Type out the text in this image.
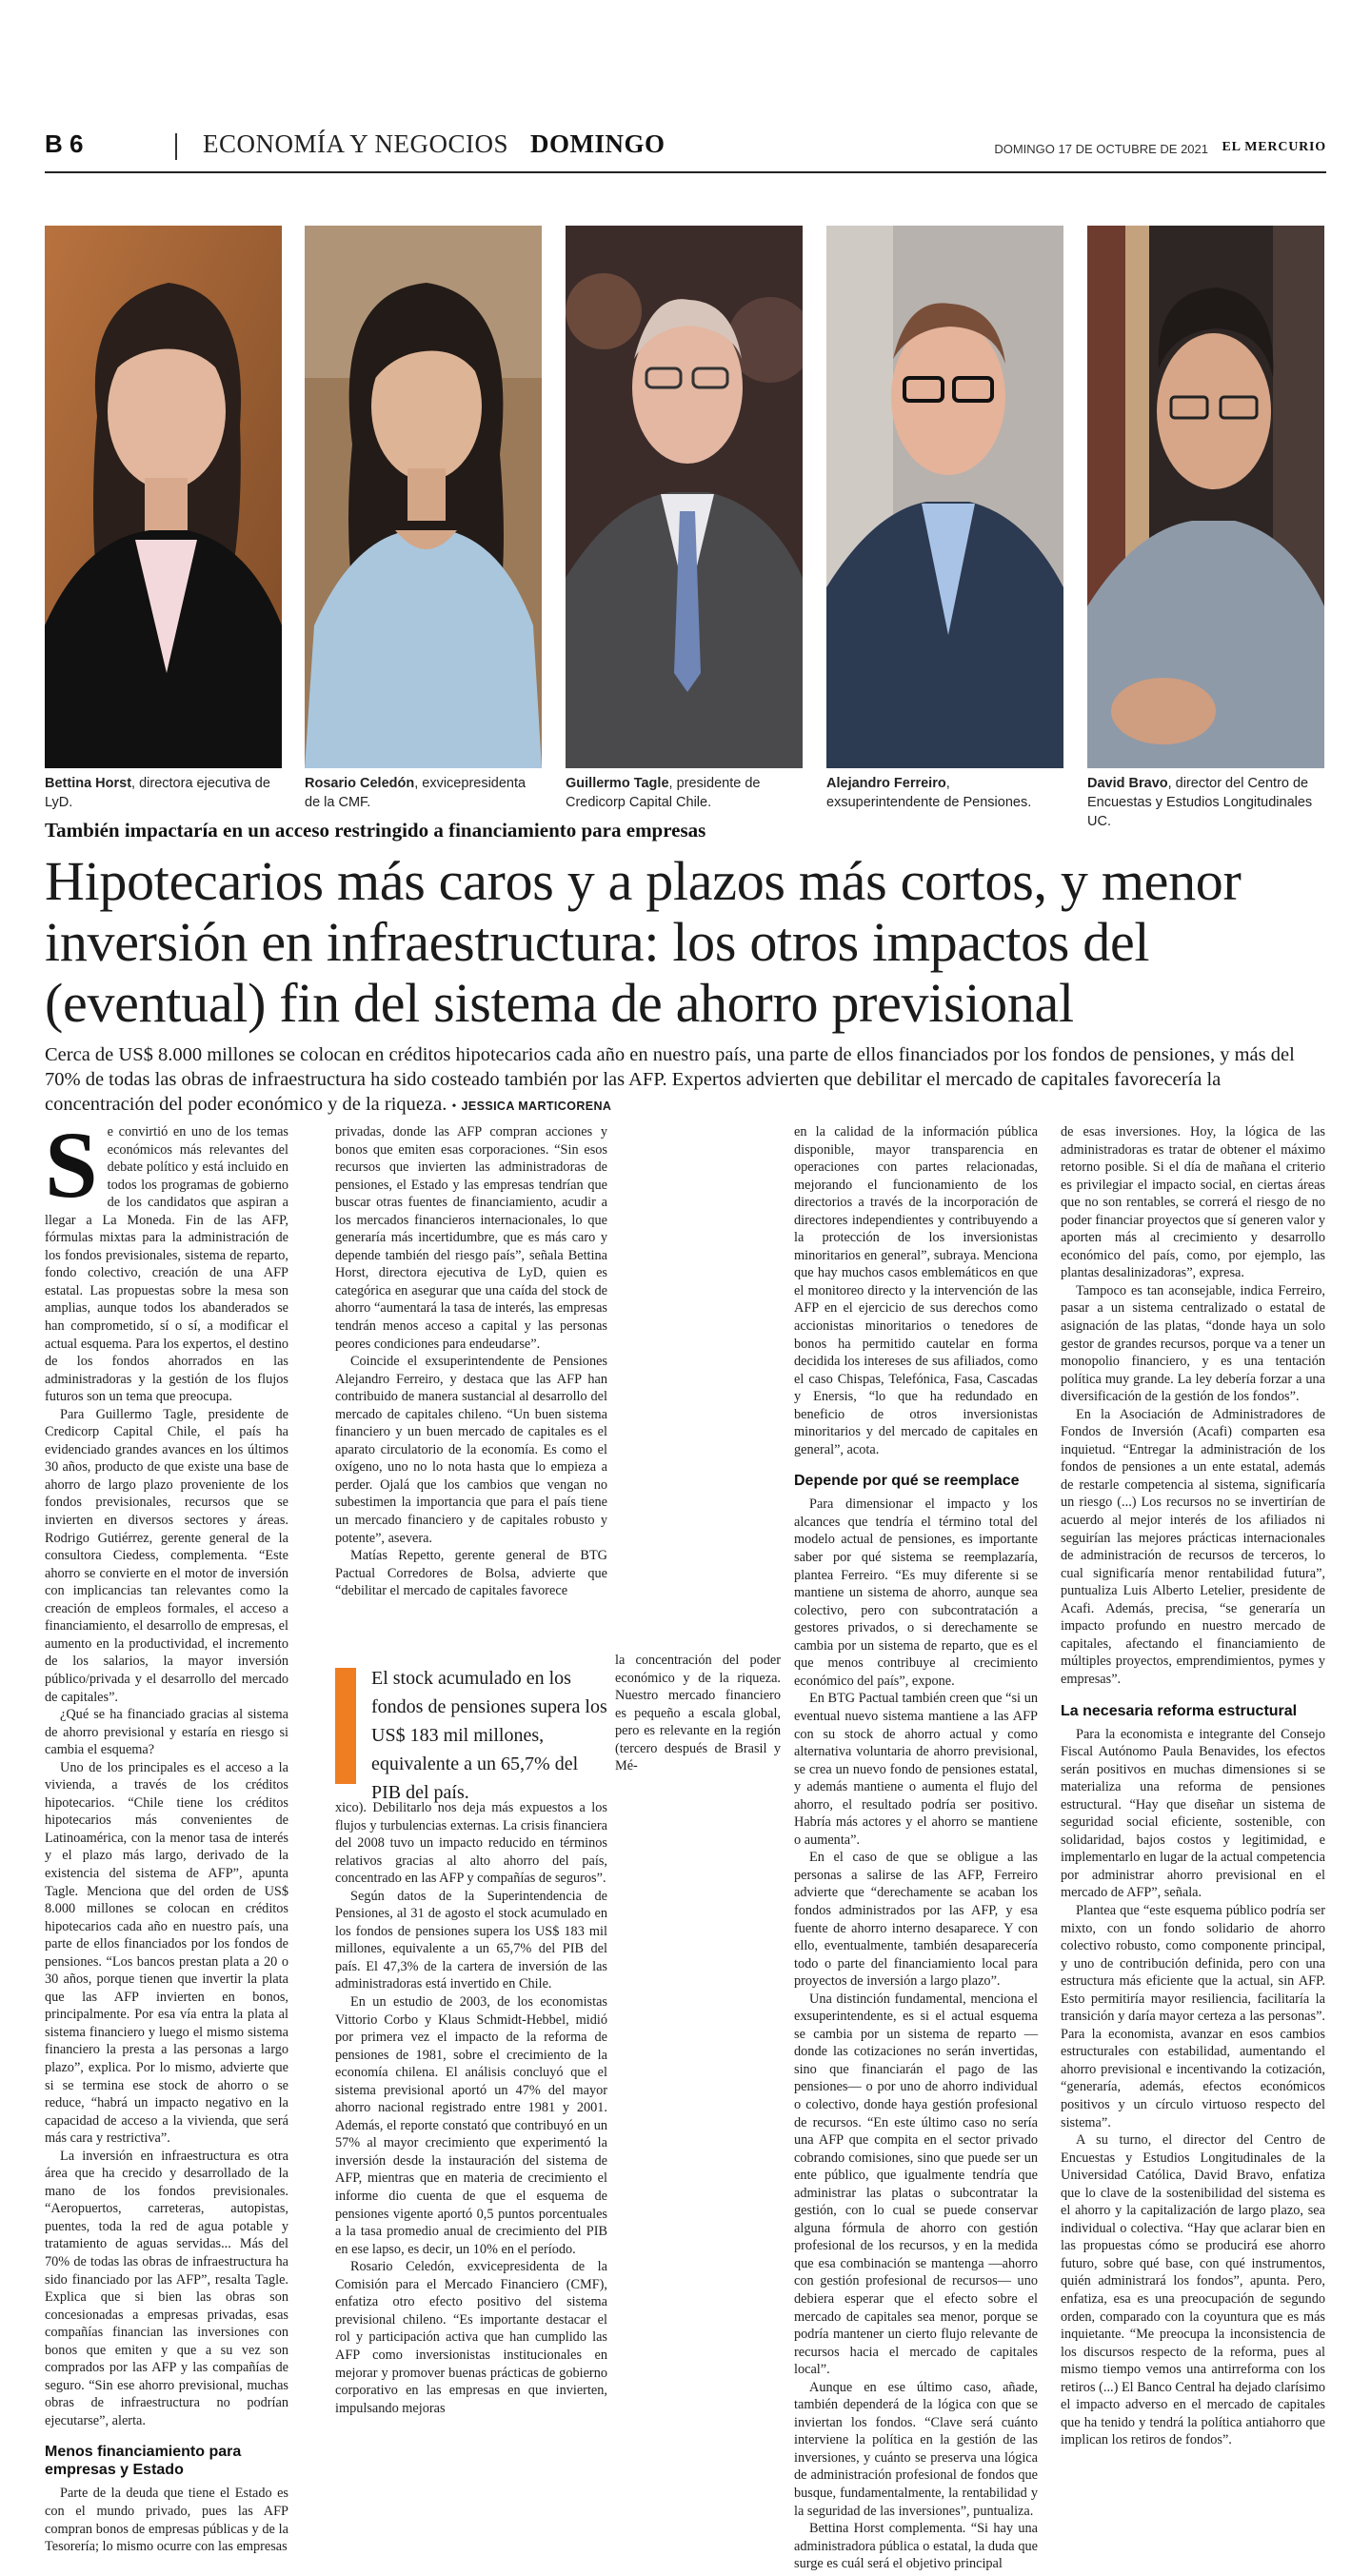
B 6	ECONOMÍA Y NEGOCIOS DOMINGO	DOMINGO 17 DE OCTUBRE DE 2021 EL MERCURIO
CLAUDIO CORTÉS
Bettina Horst, directora ejecutiva de LyD.
Rosario Celedón, exvicepresidenta de la CMF.
Guillermo Tagle, presidente de Credicorp Capital Chile.
Alejandro Ferreiro, exsuperintendente de Pensiones.
David Bravo, director del Centro de Encuestas y Estudios Longitudinales UC.
También impactaría en un acceso restringido a financiamiento para empresas
Hipotecarios más caros y a plazos más cortos, y menor inversión en infraestructura: los otros impactos del (eventual) fin del sistema de ahorro previsional

Cerca de US$ 8.000 millones se colocan en créditos hipotecarios cada año en nuestro país, una parte de ellos financiados por los fondos de pensiones, y más del 70% de todas las obras de infraestructura ha sido costeado también por las AFP. Expertos advierten que debilitar el mercado de capitales favorecería la concentración del poder económico y de la riqueza. • JESSICA MARTICORENA

Se convirtió en uno de los temas económicos más relevantes del debate político y está incluido en todos los programas de gobierno de los candidatos que aspiran a llegar a La Moneda. Fin de las AFP, fórmulas mixtas para la administración de los fondos previsionales, sistema de reparto, fondo colectivo, creación de una AFP estatal. Las propuestas sobre la mesa son amplias, aunque todos los abanderados se han comprometido, sí o sí, a modificar el actual esquema. Para los expertos, el destino de los fondos ahorrados en las administradoras y la gestión de los flujos futuros son un tema que preocupa.

Para Guillermo Tagle, presidente de Credicorp Capital Chile, el país ha evidenciado grandes avances en los últimos 30 años, producto de que existe una base de ahorro de largo plazo proveniente de los fondos previsionales, recursos que se invierten en diversos sectores y áreas. Rodrigo Gutiérrez, gerente general de la consultora Ciedess, complementa. “Este ahorro se convierte en el motor de inversión con implicancias tan relevantes como la creación de empleos formales, el acceso a financiamiento, el desarrollo de empresas, el aumento en la productividad, el incremento de los salarios, la mayor inversión público/privada y el desarrollo del mercado de capitales”.

¿Qué se ha financiado gracias al sistema de ahorro previsional y estaría en riesgo si cambia el esquema?

Uno de los principales es el acceso a la vivienda, a través de los créditos hipotecarios. “Chile tiene los créditos hipotecarios más convenientes de Latinoamérica, con la menor tasa de interés y el plazo más largo, derivado de la existencia del sistema de AFP”, apunta Tagle. Menciona que del orden de US$ 8.000 millones se colocan en créditos hipotecarios cada año en nuestro país, una parte de ellos financiados por los fondos de pensiones. “Los bancos prestan plata a 20 o 30 años, porque tienen que invertir la plata que las AFP invierten en bonos, principalmente. Por esa vía entra la plata al sistema financiero y luego el mismo sistema financiero la presta a las personas a largo plazo”, explica. Por lo mismo, advierte que si se termina ese stock de ahorro o se reduce, “habrá un impacto negativo en la capacidad de acceso a la vivienda, que será más cara y restrictiva”.

La inversión en infraestructura es otra área que ha crecido y desarrollado de la mano de los fondos previsionales. “Aeropuertos, carreteras, autopistas, puentes, toda la red de agua potable y tratamiento de aguas servidas... Más del 70% de todas las obras de infraestructura ha sido financiado por las AFP”, resalta Tagle. Explica que si bien las obras son concesionadas a empresas privadas, esas compañías financian las inversiones con bonos que emiten y que a su vez son comprados por las AFP y las compañías de seguro. “Sin ese ahorro previsional, muchas obras de infraestructura no podrían ejecutarse”, alerta.

Menos financiamiento para empresas y Estado

Parte de la deuda que tiene el Estado es con el mundo privado, pues las AFP compran bonos de empresas públicas y de la Tesorería; lo mismo ocurre con las empresas

privadas, donde las AFP compran acciones y bonos que emiten esas corporaciones. “Sin esos recursos que invierten las administradoras de pensiones, el Estado y las empresas tendrían que buscar otras fuentes de financiamiento, acudir a los mercados financieros internacionales, lo que generaría más incertidumbre, que es más caro y depende también del riesgo país”, señala Bettina Horst, directora ejecutiva de LyD, quien es categórica en asegurar que una caída del stock de ahorro “aumentará la tasa de interés, las empresas tendrán menos acceso a capital y las personas peores condiciones para endeudarse”.

Coincide el exsuperintendente de Pensiones Alejandro Ferreiro, y destaca que las AFP han contribuido de manera sustancial al desarrollo del mercado de capitales chileno. “Un buen sistema financiero y un buen mercado de capitales es el aparato circulatorio de la economía. Es como el oxígeno, uno no lo nota hasta que lo empieza a perder. Ojalá que los cambios que vengan no subestimen la importancia que para el país tiene un mercado financiero y de capitales robusto y potente”, asevera.

Matías Repetto, gerente general de BTG Pactual Corredores de Bolsa, advierte que “debilitar el mercado de capitales favorece

El stock acumulado en los fondos de pensiones supera los US$ 183 mil millones, equivalente a un 65,7% del PIB del país.

la concentración del poder económico y de la riqueza. Nuestro mercado financiero es pequeño a escala global, pero es relevante en la región (tercero después de Brasil y Mé-

xico). Debilitarlo nos deja más expuestos a los flujos y turbulencias externas. La crisis financiera del 2008 tuvo un impacto reducido en términos relativos gracias al alto ahorro del país, concentrado en las AFP y compañías de seguros”.

Según datos de la Superintendencia de Pensiones, al 31 de agosto el stock acumulado en los fondos de pensiones supera los US$ 183 mil millones, equivalente a un 65,7% del PIB del país. El 47,3% de la cartera de inversión de las administradoras está invertido en Chile.

En un estudio de 2003, de los economistas Vittorio Corbo y Klaus Schmidt-Hebbel, midió por primera vez el impacto de la reforma de pensiones de 1981, sobre el crecimiento de la economía chilena. El análisis concluyó que el sistema previsional aportó un 47% del mayor ahorro nacional registrado entre 1981 y 2001. Además, el reporte constató que contribuyó en un 57% al mayor crecimiento que experimentó la inversión desde la instauración del sistema de AFP, mientras que en materia de crecimiento el informe dio cuenta de que el esquema de pensiones vigente aportó 0,5 puntos porcentuales a la tasa promedio anual de crecimiento del PIB en ese lapso, es decir, un 10% en el período.

Rosario Celedón, exvicepresidenta de la Comisión para el Mercado Financiero (CMF), enfatiza otro efecto positivo del sistema previsional chileno. “Es importante destacar el rol y participación activa que han cumplido las AFP como inversionistas institucionales en mejorar y promover buenas prácticas de gobierno corporativo en las empresas en que invierten, impulsando mejoras

en la calidad de la información pública disponible, mayor transparencia en operaciones con partes relacionadas, mejorando el funcionamiento de los directorios a través de la incorporación de directores independientes y contribuyendo a la protección de los inversionistas minoritarios en general”, subraya. Menciona que hay muchos casos emblemáticos en que el monitoreo directo y la intervención de las AFP en el ejercicio de sus derechos como accionistas minoritarios o tenedores de bonos ha permitido cautelar en forma decidida los intereses de sus afiliados, como el caso Chispas, Telefónica, Fasa, Cascadas y Enersis, “lo que ha redundado en beneficio de otros inversionistas minoritarios y del mercado de capitales en general”, acota.

Depende por qué se reemplace

Para dimensionar el impacto y los alcances que tendría el término total del modelo actual de pensiones, es importante saber por qué sistema se reemplazaría, plantea Ferreiro. “Es muy diferente si se mantiene un sistema de ahorro, aunque sea colectivo, pero con subcontratación a gestores privados, o si derechamente se cambia por un sistema de reparto, que es el que menos contribuye al crecimiento económico del país”, expone.

En BTG Pactual también creen que “si un eventual nuevo sistema mantiene a las AFP con su stock de ahorro actual y como alternativa voluntaria de ahorro previsional, se crea un nuevo fondo de pensiones estatal, y además mantiene o aumenta el flujo del ahorro, el resultado podría ser positivo. Habría más actores y el ahorro se mantiene o aumenta”.

En el caso de que se obligue a las personas a salirse de las AFP, Ferreiro advierte que “derechamente se acaban los fondos administrados por las AFP, y esa fuente de ahorro interno desaparece. Y con ello, eventualmente, también desaparecería todo o parte del financiamiento local para proyectos de inversión a largo plazo”.

Una distinción fundamental, menciona el exsuperintendente, es si el actual esquema se cambia por un sistema de reparto —donde las cotizaciones no serán invertidas, sino que financiarán el pago de las pensiones— o por uno de ahorro individual o colectivo, donde haya gestión profesional de recursos. “En este último caso no sería una AFP que compita en el sector privado cobrando comisiones, sino que puede ser un ente público, que igualmente tendría que administrar las platas o subcontratar la gestión, con lo cual se puede conservar alguna fórmula de ahorro con gestión profesional de los recursos, y en la medida que esa combinación se mantenga —ahorro con gestión profesional de recursos— uno debiera esperar que el efecto sobre el mercado de capitales sea menor, porque se podría mantener un cierto flujo relevante de recursos hacia el mercado de capitales local”.

Aunque en ese último caso, añade, también dependerá de la lógica con que se inviertan los fondos. “Clave será cuánto interviene la política en la gestión de las inversiones, y cuánto se preserva una lógica de administración profesional de fondos que busque, fundamentalmente, la rentabilidad y la seguridad de las inversiones”, puntualiza.

Bettina Horst complementa. “Si hay una administradora pública o estatal, la duda que surge es cuál será el objetivo principal

de esas inversiones. Hoy, la lógica de las administradoras es tratar de obtener el máximo retorno posible. Si el día de mañana el criterio es privilegiar el impacto social, en ciertas áreas que no son rentables, se correrá el riesgo de no poder financiar proyectos que sí generen valor y aporten más al crecimiento y desarrollo económico del país, como, por ejemplo, las plantas desalinizadoras”, expresa.

Tampoco es tan aconsejable, indica Ferreiro, pasar a un sistema centralizado o estatal de asignación de las platas, “donde haya un solo gestor de grandes recursos, porque va a tener un monopolio financiero, y es una tentación política muy grande. La ley debería forzar a una diversificación de la gestión de los fondos”.

En la Asociación de Administradores de Fondos de Inversión (Acafi) comparten esa inquietud. “Entregar la administración de los fondos de pensiones a un ente estatal, además de restarle competencia al sistema, significaría un riesgo (...) Los recursos no se invertirían de acuerdo al mejor interés de los afiliados ni seguirían las mejores prácticas internacionales de administración de recursos de terceros, lo cual significaría menor rentabilidad futura”, puntualiza Luis Alberto Letelier, presidente de Acafi. Además, precisa, “se generaría un impacto profundo en nuestro mercado de capitales, afectando el financiamiento de múltiples proyectos, emprendimientos, pymes y empresas”.

La necesaria reforma estructural

Para la economista e integrante del Consejo Fiscal Autónomo Paula Benavides, los efectos serán positivos en muchas dimensiones si se materializa una reforma de pensiones estructural. “Hay que diseñar un sistema de seguridad social eficiente, sostenible, con solidaridad, bajos costos y legitimidad, e implementarlo en lugar de la actual competencia por administrar ahorro previsional en el mercado de AFP”, señala.

Plantea que “este esquema público podría ser mixto, con un fondo solidario de ahorro colectivo robusto, como componente principal, y uno de contribución definida, pero con una estructura más eficiente que la actual, sin AFP. Esto permitiría mayor resiliencia, facilitaría la transición y daría mayor certeza a las personas”. Para la economista, avanzar en esos cambios estructurales con estabilidad, aumentando el ahorro previsional e incentivando la cotización, “generaría, además, efectos económicos positivos y un círculo virtuoso respecto del sistema”.

A su turno, el director del Centro de Encuestas y Estudios Longitudinales de la Universidad Católica, David Bravo, enfatiza que lo clave de la sostenibilidad del sistema es el ahorro y la capitalización de largo plazo, sea individual o colectiva. “Hay que aclarar bien en las propuestas cómo se producirá ese ahorro futuro, sobre qué base, con qué instrumentos, quién administrará los fondos”, apunta. Pero, enfatiza, esa es una preocupación de segundo orden, comparado con la coyuntura que es más inquietante. “Me preocupa la inconsistencia de los discursos respecto de la reforma, pues al mismo tiempo vemos una antirreforma con los retiros (...) El Banco Central ha dejado clarísimo el impacto adverso en el mercado de capitales que ha tenido y tendrá la política antiahorro que implican los retiros de fondos”.
